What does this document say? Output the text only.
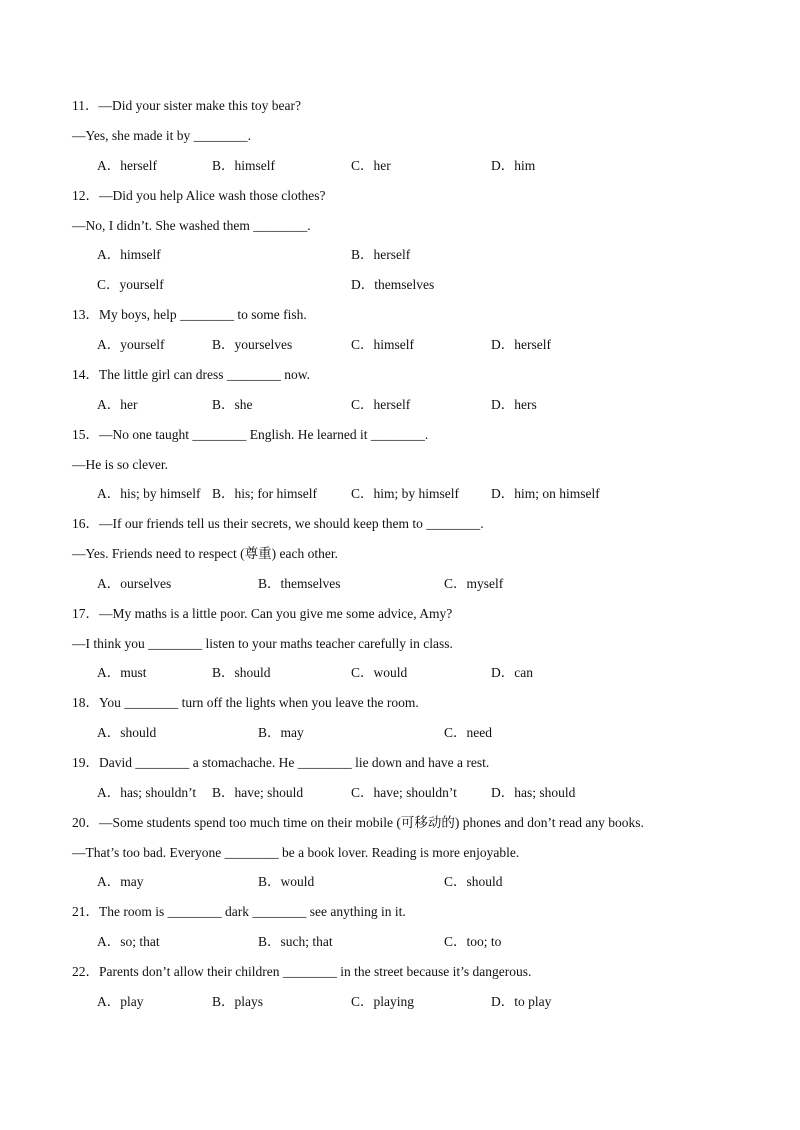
11．—Did your sister make this toy bear?
—Yes, she made it by ________.
A．herself	B．himself	C．her	D．him
12．—Did you help Alice wash those clothes?
—No, I didn’t. She washed them ________.
A．himself	B．herself
C．yourself	D．themselves
13．My boys, help ________ to some fish.
A．yourself	B．yourselves	C．himself	D．herself
14．The little girl can dress ________ now.
A．her	B．she	C．herself	D．hers
15．—No one taught ________ English. He learned it ________.
—He is so clever.
A．his; by himself B．his; for himself	C．him; by himself D．him; on himself
16．—If our friends tell us their secrets, we should keep them to ________.
—Yes. Friends need to respect (尊重) each other.
A．ourselves	B．themselves	C．myself
17．—My maths is a little poor. Can you give me some advice, Amy?
—I think you ________ listen to your maths teacher carefully in class.
A．must	B．should	C．would	D．can
18．You ________ turn off the lights when you leave the room.
A．should	B．may	C．need
19．David ________ a stomachache. He ________ lie down and have a rest.
A．has; shouldn’t B．have; should	C．have; shouldn’t	D．has; should
20．—Some students spend too much time on their mobile (可移动的) phones and don’t read any books.
—That’s too bad. Everyone ________ be a book lover. Reading is more enjoyable.
A．may	B．would	C．should
21．The room is ________ dark ________ see anything in it.
A．so; that	B．such; that	C．too; to
22．Parents don’t allow their children ________ in the street because it’s dangerous.
A．play	B．plays	C．playing	D．to play
